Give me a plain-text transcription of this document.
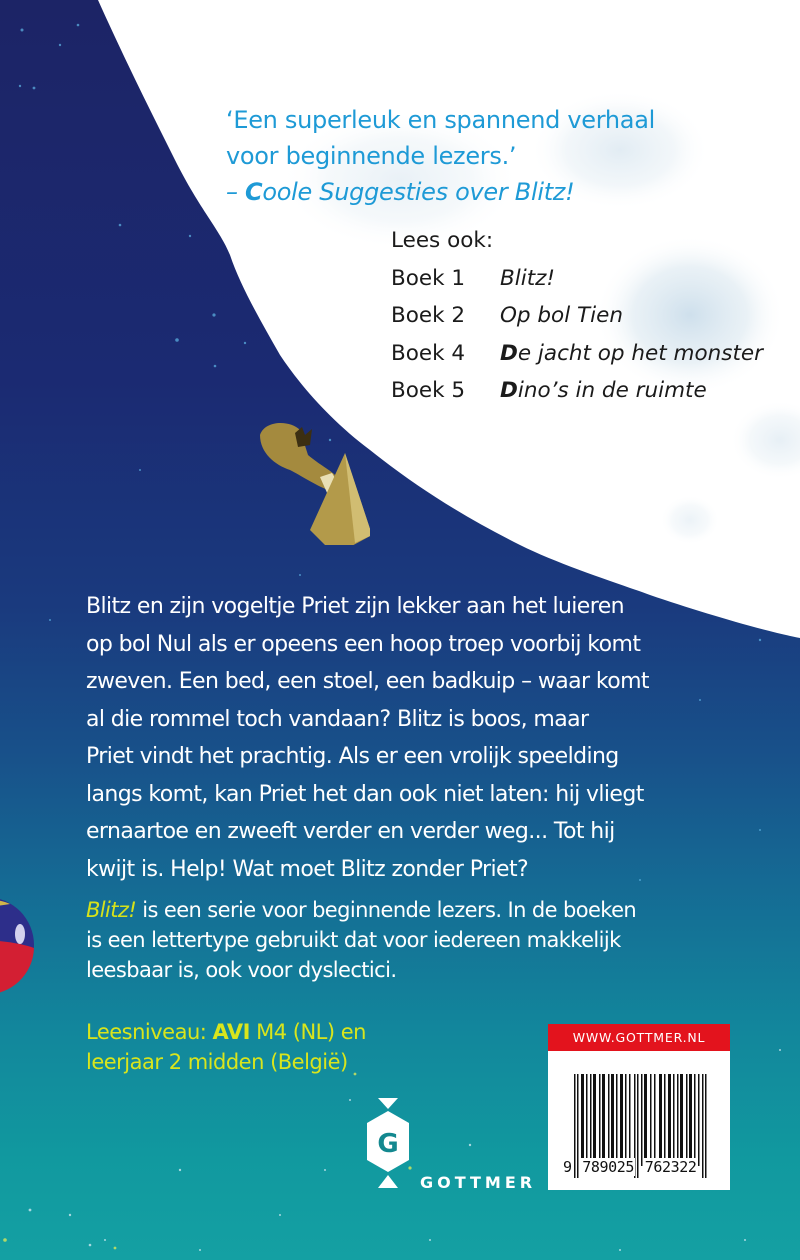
‘Een superleuk en spannend verhaal
voor beginnende lezers.’
– Coole Suggesties over Blitz!
Lees ook:
Boek 1	Blitz!
Boek 2	Op bol Tien
Boek 4	De jacht op het monster
Boek 5	Dino’s in de ruimte
Blitz en zijn vogeltje Priet zijn lekker aan het luieren
op bol Nul als er opeens een hoop troep voorbij komt
zweven. Een bed, een stoel, een badkuip – waar komt
al die rommel toch vandaan? Blitz is boos, maar
Priet vindt het prachtig. Als er een vrolijk speelding
langs komt, kan Priet het dan ook niet laten: hij vliegt
ernaartoe en zweeft verder en verder weg... Tot hij
kwijt is. Help! Wat moet Blitz zonder Priet?
Blitz! is een serie voor beginnende lezers. In de boeken
is een lettertype gebruikt dat voor iedereen makkelijk
leesbaar is, ook voor dyslectici.
Leesniveau: AVI M4 (NL) en
leerjaar 2 midden (België)
G
GOTTMER
WWW.GOTTMER.NL
9 789025 762322
